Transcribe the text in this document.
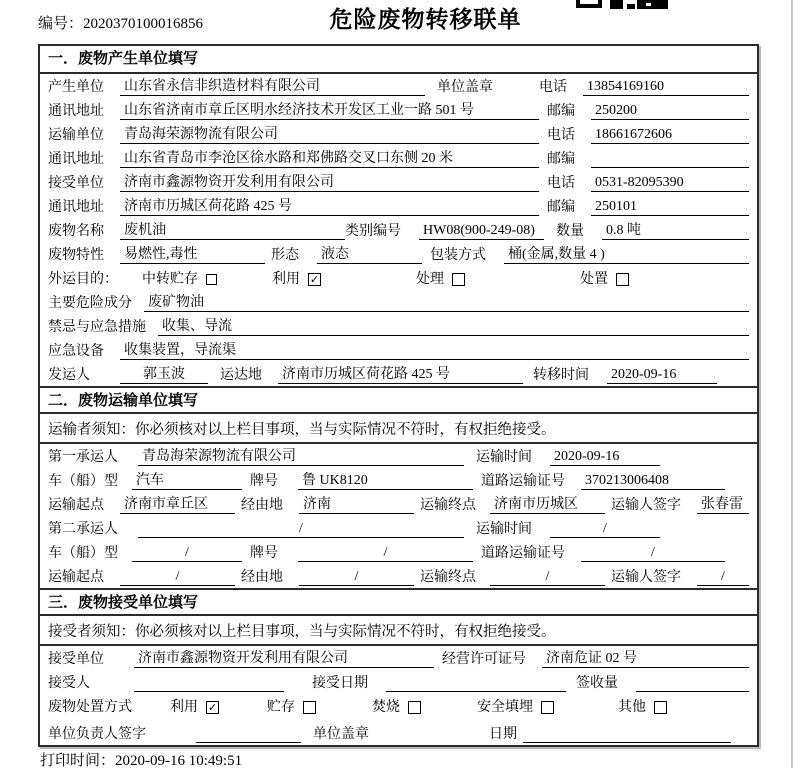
编号：2020370100016856	危险废物转移联单
一．废物产生单位填写
产生单位	山东省永信非织造材料有限公司	单位盖章	电话	13854169160
通讯地址	山东省济南市章丘区明水经济技术开发区工业一路 501 号	邮编	250200
运输单位	青岛海荣源物流有限公司	电话	18661672606
通讯地址	山东省青岛市李沧区徐水路和郑佛路交叉口东侧 20 米	邮编
接受单位	济南市鑫源物资开发利用有限公司	电话	0531-82095390
通讯地址	济南市历城区荷花路 425 号	邮编	250101
废物名称	废机油	类别编号	HW08(900-249-08)	数量	0.8 吨
废物特性	易燃性,毒性	形态	液态	包装方式	桶(金属,数量 4 )
外运目的：	中转贮存	利用 ✓	处理	处置
主要危险成分	废矿物油
禁忌与应急措施	收集、导流
应急设备	收集装置，导流渠
发运人	郭玉波	运达地	济南市历城区荷花路 425 号	转移时间	2020-09-16
二．废物运输单位填写
运输者须知：你必须核对以上栏目事项，当与实际情况不符时，有权拒绝接受。
第一承运人	青岛海荣源物流有限公司	运输时间	2020-09-16
车（船）型	汽车	牌号	鲁 UK8120	道路运输证号	370213006408
运输起点	济南市章丘区	经由地	济南	运输终点	济南市历城区	运输人签字	张春雷
第二承运人	/	运输时间	/
车（船）型	/	牌号	/	道路运输证号	/
运输起点	/	经由地	/	运输终点	/	运输人签字	/
三．废物接受单位填写
接受者须知：你必须核对以上栏目事项，当与实际情况不符时，有权拒绝接受。
接受单位	济南市鑫源物资开发利用有限公司	经营许可证号	济南危证 02 号
接受人	接受日期	签收量
废物处置方式	利用 ✓	贮存	焚烧	安全填埋	其他
单位负责人签字	单位盖章	日期
打印时间：2020-09-16 10:49:51
